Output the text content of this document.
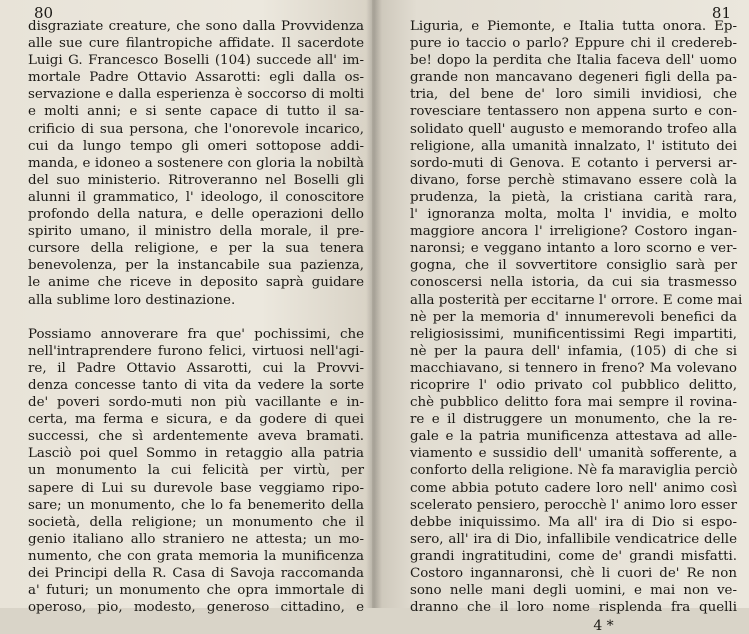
80
disgraziate creature, che sono dalla Provvidenza
alle sue cure filantropiche affidate. Il sacerdote
Luigi G. Francesco Boselli (104) succede all' im-
mortale Padre Ottavio Assarotti: egli dalla os-
servazione e dalla esperienza è soccorso di molti
e molti anni; e si sente capace di tutto il sa-
crificio di sua persona, che l'onorevole incarico,
cui da lungo tempo gli omeri sottopose addi-
manda, e idoneo a sostenere con gloria la nobiltà
del suo ministerio. Ritroveranno nel Boselli gli
alunni il grammatico, l' ideologo, il conoscitore
profondo della natura, e delle operazioni dello
spirito umano, il ministro della morale, il pre-
cursore della religione, e per la sua tenera
benevolenza, per la instancabile sua pazienza,
le anime che riceve in deposito saprà guidare
alla sublime loro destinazione.
Possiamo annoverare fra que' pochissimi, che
nell'intraprendere furono felici, virtuosi nell'agi-
re, il Padre Ottavio Assarotti, cui la Provvi-
denza concesse tanto di vita da vedere la sorte
de' poveri sordo-muti non più vacillante e in-
certa, ma ferma e sicura, e da godere di quei
successi, che sì ardentemente aveva bramati.
Lasciò poi quel Sommo in retaggio alla patria
un monumento la cui felicità per virtù, per
sapere di Lui su durevole base veggiamo ripo-
sare; un monumento, che lo fa benemerito della
società, della religione; un monumento che il
genio italiano allo straniero ne attesta; un mo-
numento, che con grata memoria la munificenza
dei Principi della R. Casa di Savoja raccomanda
a' futuri; un monumento che opra immortale di
operoso, pio, modesto, generoso cittadino, e
81
Liguria, e Piemonte, e Italia tutta onora. Ep-
pure io taccio o parlo? Eppure chi il credereb-
be! dopo la perdita che Italia faceva dell' uomo
grande non mancavano degeneri figli della pa-
tria, del bene de' loro simili invidiosi, che
rovesciare tentassero non appena surto e con-
solidato quell' augusto e memorando trofeo alla
religione, alla umanità innalzato, l' istituto dei
sordo-muti di Genova. E cotanto i perversi ar-
divano, forse perchè stimavano essere colà la
prudenza, la pietà, la cristiana carità rara,
l' ignoranza molta, molta l' invidia, e molto
maggiore ancora l' irreligione? Costoro ingan-
naronsi; e veggano intanto a loro scorno e ver-
gogna, che il sovvertitore consiglio sarà per
conoscersi nella istoria, da cui sia trasmesso
alla posterità per eccitarne l' orrore. E come mai
nè per la memoria d' innumerevoli benefici da
religiosissimi, munificentissimi Regi impartiti,
nè per la paura dell' infamia, (105) di che si
macchiavano, si tennero in freno? Ma volevano
ricoprire l' odio privato col pubblico delitto,
chè pubblico delitto fora mai sempre il rovina-
re e il distruggere un monumento, che la re-
gale e la patria munificenza attestava ad alle-
viamento e sussidio dell' umanità sofferente, a
conforto della religione. Nè fa maraviglia perciò
come abbia potuto cadere loro nell' animo così
scelerato pensiero, perocchè l' animo loro esser
debbe iniquissimo. Ma all' ira di Dio si espo-
sero, all' ira di Dio, infallibile vendicatrice delle
grandi ingratitudini, come de' grandi misfatti.
Costoro ingannaronsi, chè li cuori de' Re non
sono nelle mani degli uomini, e mai non ve-
dranno che il loro nome risplenda fra quelli
4 *
